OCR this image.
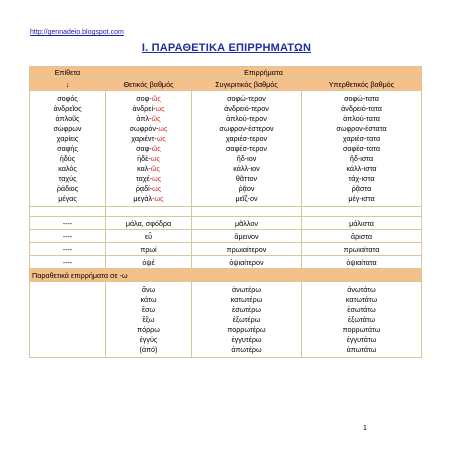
http://gennadeio.blogspot.com
Ι. ΠΑΡΑΘΕΤΙΚΑ ΕΠΙΡΡΗΜΑΤΩΝ
Επίθετα	Επιρρήματα		
↓	Θετικός βαθμός	Συγκριτικός βαθμός	Υπερθετικός βαθμός
σοφός	σοφ-ῶς	σοφώ-τερον	σοφώ-τατα
ἀνδρεῖος	ἀνδρεί-ως	ἀνδρειό-τερον	ἀνδρειό-τατα
ἁπλοῦς	ἁπλ-ῶς	ἁπλού-τερον	ἁπλού-τατα
σώφρων	σωφρόν-ως	σωφρον-έστερον	σωφρον-έστατα
χαρίεις	χαριέντ-ως	χαριέσ-τερον	χαριέσ-τατα
σαφής	σαφ-ῶς	σαφέσ-τερον	σαφέσ-τατα
ἡδύς	ἡδέ-ως	ἥδ-ιον	ἥδ-ιστα
καλός	καλ-ῶς	κάλλ-ιον	κάλλ-ιστα
ταχύς	ταχέ-ως	θᾶττον	τάχ-ιστα
ῥάδιος	ῥᾳδί-ως	ῥᾷον	ῥᾷστα
μέγας	μεγάλ-ως	μεῖζ-ον	μέγ-ιστα

----	μάλα, σφόδρα	μᾶλλον	μάλιστα
----	εὖ	ἄμεινον	ἄριστα
----	πρωί	πρωιαίτερον	πρωιαίτατα
----	ὀψέ	ὀψιαίτερον	ὀψιαίτατα
Παραθετικά επιρρήματα σε -ω			
	ἄνω	ἀνωτέρω	ἀνωτάτω
	κάτω	κατωτέρω	κατωτάτω
	ἔσω	ἐσωτέρω	ἐσωτάτω
	ἔξω	ἐξωτέρω	ἐξωτάτω
	πόρρω	πορρωτέρω	πορρωτάτω
	ἐγγύς	ἐγγυτέρω	ἐγγυτάτω
	(ἀπό)	ἀπωτέρω	ἀπωτάτω
1
